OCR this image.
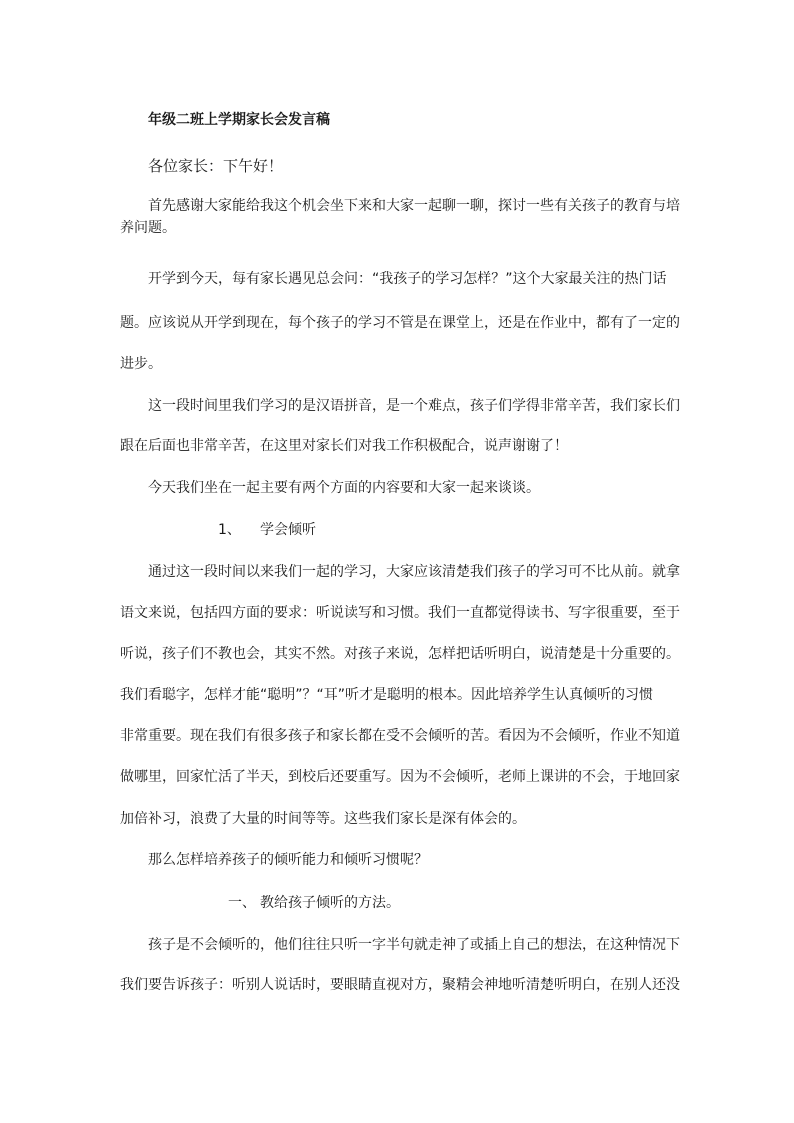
年级二班上学期家长会发言稿
各位家长：下午好！
首先感谢大家能给我这个机会坐下来和大家一起聊一聊，探讨一些有关孩子的教育与培
养问题。
开学到今天，每有家长遇见总会问：“我孩子的学习怎样？”这个大家最关注的热门话
题。应该说从开学到现在，每个孩子的学习不管是在课堂上，还是在作业中，都有了一定的
进步。
这一段时间里我们学习的是汉语拼音，是一个难点，孩子们学得非常辛苦，我们家长们
跟在后面也非常辛苦，在这里对家长们对我工作积极配合，说声谢谢了！
今天我们坐在一起主要有两个方面的内容要和大家一起来谈谈。
1、 学会倾听
通过这一段时间以来我们一起的学习，大家应该清楚我们孩子的学习可不比从前。就拿
语文来说，包括四方面的要求：听说读写和习惯。我们一直都觉得读书、写字很重要，至于
听说，孩子们不教也会，其实不然。对孩子来说，怎样把话听明白，说清楚是十分重要的。
我们看聪字，怎样才能“聪明”？“耳”听才是聪明的根本。因此培养学生认真倾听的习惯
非常重要。现在我们有很多孩子和家长都在受不会倾听的苦。看因为不会倾听，作业不知道
做哪里，回家忙活了半天，到校后还要重写。因为不会倾听，老师上课讲的不会，于地回家
加倍补习，浪费了大量的时间等等。这些我们家长是深有体会的。
那么怎样培养孩子的倾听能力和倾听习惯呢？
一、 教给孩子倾听的方法。
孩子是不会倾听的，他们往往只听一字半句就走神了或插上自己的想法，在这种情况下
我们要告诉孩子：听别人说话时，要眼睛直视对方，聚精会神地听清楚听明白，在别人还没
